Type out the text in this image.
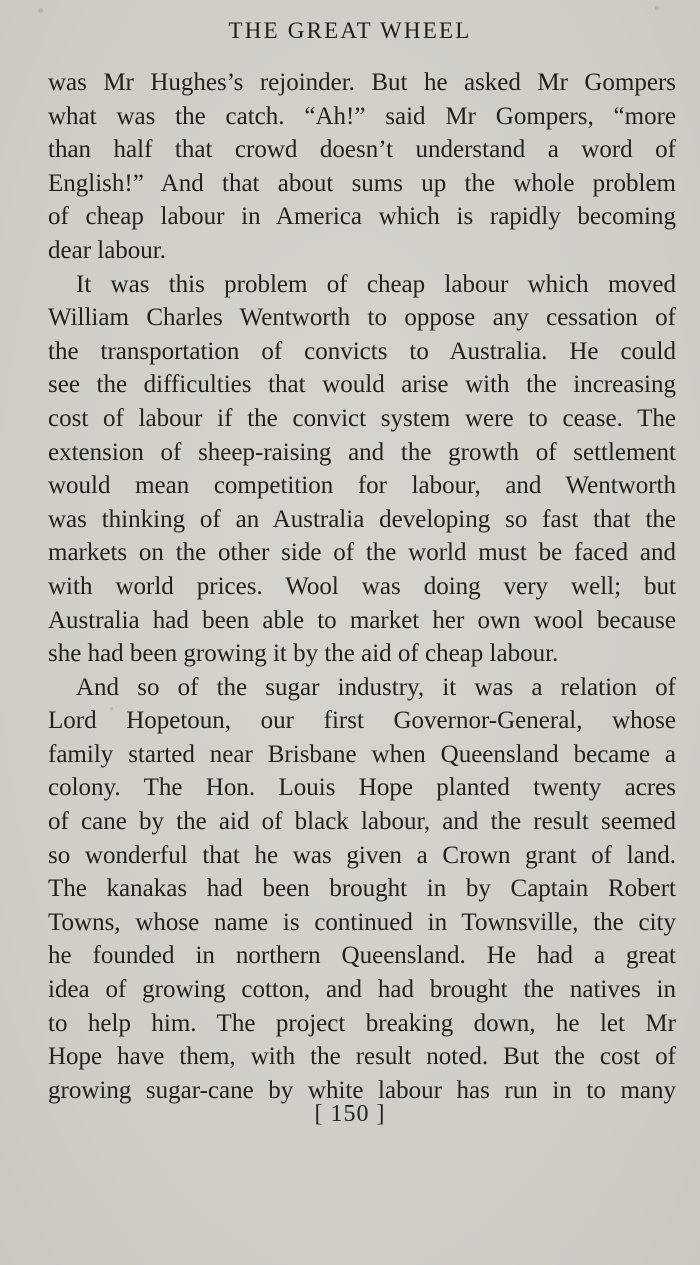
THE GREAT WHEEL
was Mr Hughes’s rejoinder. But he asked Mr Gompers
what was the catch. “Ah!” said Mr Gompers, “more
than half that crowd doesn’t understand a word of
English!” And that about sums up the whole problem
of cheap labour in America which is rapidly becoming
dear labour.
It was this problem of cheap labour which moved
William Charles Wentworth to oppose any cessation of
the transportation of convicts to Australia. He could
see the difficulties that would arise with the increasing
cost of labour if the convict system were to cease. The
extension of sheep-raising and the growth of settlement
would mean competition for labour, and Wentworth
was thinking of an Australia developing so fast that the
markets on the other side of the world must be faced and
with world prices. Wool was doing very well; but
Australia had been able to market her own wool because
she had been growing it by the aid of cheap labour.
And so of the sugar industry, it was a relation of
Lord Hopetoun, our first Governor-General, whose
family started near Brisbane when Queensland became a
colony. The Hon. Louis Hope planted twenty acres
of cane by the aid of black labour, and the result seemed
so wonderful that he was given a Crown grant of land.
The kanakas had been brought in by Captain Robert
Towns, whose name is continued in Townsville, the city
he founded in northern Queensland. He had a great
idea of growing cotton, and had brought the natives in
to help him. The project breaking down, he let Mr
Hope have them, with the result noted. But the cost of
growing sugar-cane by white labour has run in to many
[ 150 ]
